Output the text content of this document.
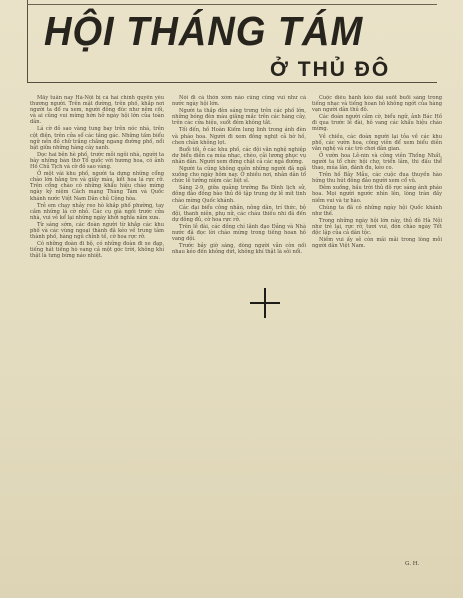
HỘI THÁNG TÁM
Ở THỦ ĐÔ

Mấy tuần nay Hà-Nội bị cả hai chính quyền yêu thương người. Trên mặt đường, trên phố, khắp nơi người ta đổ ra xem, người đông đúc như nêm cối, và ai cũng vui mừng hớn hở ngày hội lớn của toàn dân.

Lá cờ đỏ sao vàng tung bay trên nóc nhà, trên cột điện, trên cửa sổ các tầng gác. Những tấm biểu ngữ nền đỏ chữ trắng chăng ngang đường phố, nổi bật giữa những hàng cây xanh.

Dọc hai bên hè phố, trước mỗi ngôi nhà, người ta bày những bàn thờ Tổ quốc với hương hoa, có ảnh Hồ Chủ Tịch và cờ đỏ sao vàng.

Ở một vài khu phố, người ta dựng những cổng chào lớn bằng tre và giấy màu, kết hoa lá rực rỡ. Trên cổng chào có những khẩu hiệu chào mừng ngày kỷ niệm Cách mạng Tháng Tám và Quốc khánh nước Việt Nam Dân chủ Cộng hòa.

Trẻ em chạy nhảy reo hò khắp phố phường, tay cầm những lá cờ nhỏ. Các cụ già ngồi trước cửa nhà, vui vẻ kể lại những ngày khởi nghĩa năm xưa.

Từ sáng sớm, các đoàn người từ khắp các khu phố và các vùng ngoại thành đã kéo về trung tâm thành phố, hàng ngũ chỉnh tề, cờ hoa rực rỡ.

Có những đoàn đi bộ, có những đoàn đi xe đạp, tiếng hát tiếng hò vang cả một góc trời, không khí thật là tưng bừng náo nhiệt.

Nói đi cả thôn xóm nào cũng cũng vui như cả nước ngày hội lớn.

Người ta thắp đèn sáng trưng trên các phố lớn, những bóng đèn màu giăng mắc trên các hàng cây, trên các cửa hiệu, suốt đêm không tắt.

Tối đến, hồ Hoàn Kiếm lung linh trong ánh đèn và pháo hoa. Người đi xem đông nghịt cả bờ hồ, chen chân không lọt.

Buổi tối, ở các khu phố, các đội văn nghệ nghiệp dư biểu diễn ca múa nhạc, chèo, cải lương phục vụ nhân dân. Người xem đứng chật cả các ngả đường.

Người ta cũng không quên những người đã ngã xuống cho ngày hôm nay. Ở nhiều nơi, nhân dân tổ chức lễ tưởng niệm các liệt sĩ.

Sáng 2-9, giữa quảng trường Ba Đình lịch sử, đông đảo đồng bào thủ đô tập trung dự lễ mít tinh chào mừng Quốc khánh.

Các đại biểu công nhân, nông dân, trí thức, bộ đội, thanh niên, phụ nữ, các cháu thiếu nhi đã đến dự đông đủ, cờ hoa rực rỡ.

Trên lễ đài, các đồng chí lãnh đạo Đảng và Nhà nước đã đọc lời chào mừng trong tiếng hoan hô vang dội.

Trước bảy giờ sáng, dòng người vẫn còn nối nhau kéo đến không dứt, không khí thật là sôi nổi.

Cuộc diễu hành kéo dài suốt buổi sáng trong tiếng nhạc và tiếng hoan hô không ngớt của hàng vạn người dân thủ đô.

Các đoàn người cầm cờ, biểu ngữ, ảnh Bác Hồ đi qua trước lễ đài, hô vang các khẩu hiệu chào mừng.

Về chiều, các đoàn người lại tỏa về các khu phố, các vườn hoa, công viên để xem biểu diễn văn nghệ và các trò chơi dân gian.

Ở vườn hoa Lê-nin và công viên Thống Nhất, người ta tổ chức hội chợ, triển lãm, thi đấu thể thao, múa lân, đánh đu, kéo co.

Trên hồ Bảy Mẫu, các cuộc đua thuyền hào hứng thu hút đông đảo người xem cổ vũ.

Đêm xuống, bầu trời thủ đô rực sáng ánh pháo hoa. Mọi người ngước nhìn lên, lòng tràn đầy niềm vui và tự hào.

Chúng ta đã có những ngày hội Quốc khánh như thế.

Trong những ngày hội lớn này, thủ đô Hà Nội như trẻ lại, rực rỡ, tươi vui, đón chào ngày Tết độc lập của cả dân tộc.

Niềm vui ấy sẽ còn mãi mãi trong lòng mỗi người dân Việt Nam.

G. H.
